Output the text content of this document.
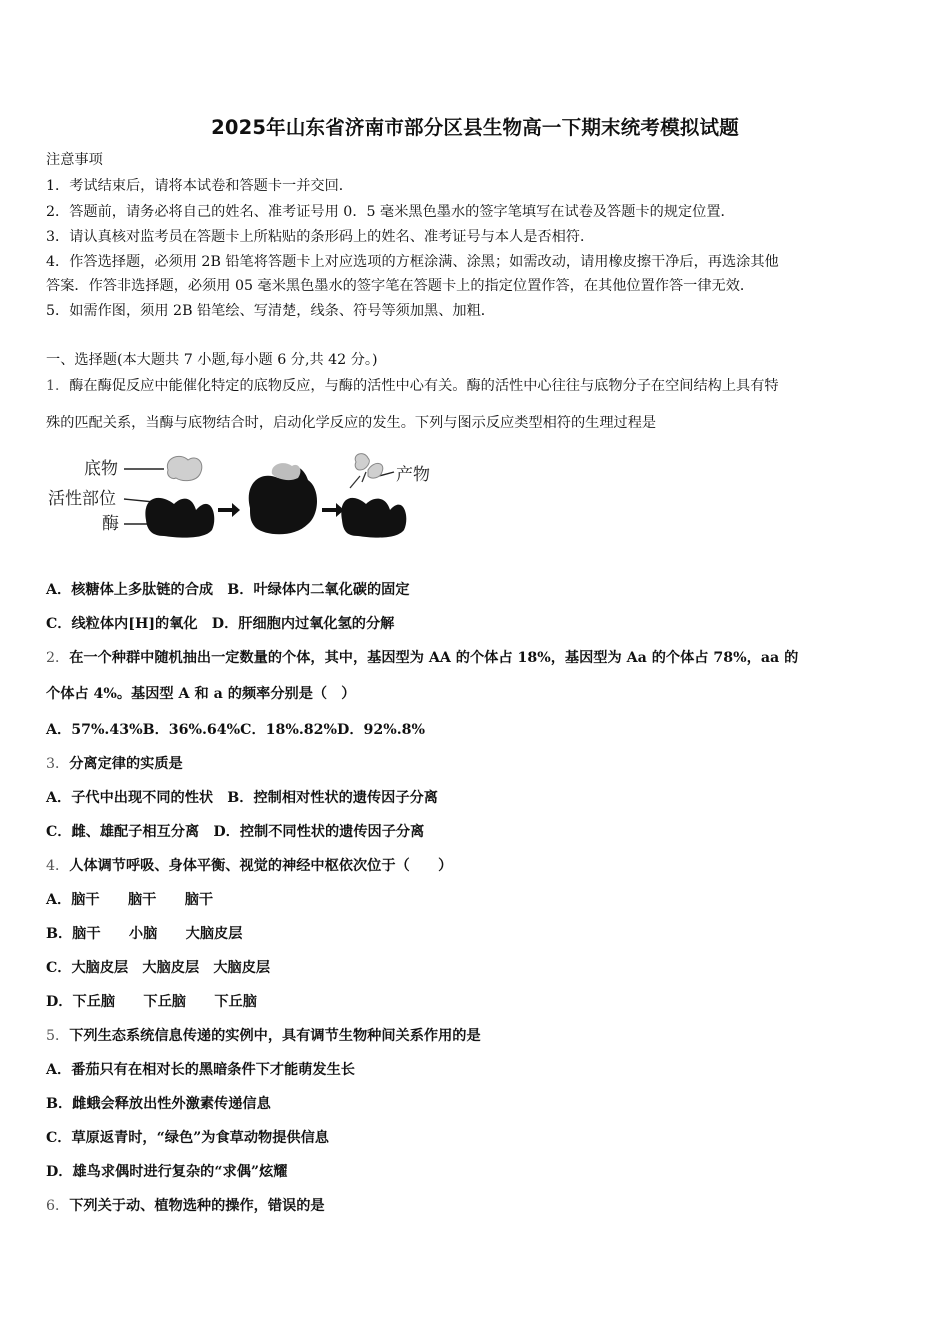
2025年山东省济南市部分区县生物高一下期末统考模拟试题
注意事项
1．考试结束后，请将本试卷和答题卡一并交回．
2．答题前，请务必将自己的姓名、准考证号用 0．5 毫米黑色墨水的签字笔填写在试卷及答题卡的规定位置．
3．请认真核对监考员在答题卡上所粘贴的条形码上的姓名、准考证号与本人是否相符．
4．作答选择题，必须用 2B 铅笔将答题卡上对应选项的方框涂满、涂黑；如需改动，请用橡皮擦干净后，再选涂其他
答案．作答非选择题，必须用 05 毫米黑色墨水的签字笔在答题卡上的指定位置作答，在其他位置作答一律无效．
5．如需作图，须用 2B 铅笔绘、写清楚，线条、符号等须加黑、加粗．
一、选择题(本大题共 7 小题,每小题 6 分,共 42 分。)
1．酶在酶促反应中能催化特定的底物反应，与酶的活性中心有关。酶的活性中心往往与底物分子在空间结构上具有特
殊的匹配关系，当酶与底物结合时，启动化学反应的发生。下列与图示反应类型相符的生理过程是
底物
活性部位
酶
产物
A．核糖体上多肽链的合成　B．叶绿体内二氧化碳的固定
C．线粒体内[H]的氧化　D．肝细胞内过氧化氢的分解
2．在一个种群中随机抽出一定数量的个体，其中，基因型为 AA 的个体占 18%，基因型为 Aa 的个体占 78%，aa 的
个体占 4%。基因型 A 和 a 的频率分别是（　）
A．57%.43%B．36%.64%C．18%.82%D．92%.8%
3．分离定律的实质是
A．子代中出现不同的性状　B．控制相对性状的遗传因子分离
C．雌、雄配子相互分离　D．控制不同性状的遗传因子分离
4．人体调节呼吸、身体平衡、视觉的神经中枢依次位于（　　）
A．脑干　　脑干　　脑干
B．脑干　　小脑　　大脑皮层
C．大脑皮层　大脑皮层　大脑皮层
D．下丘脑　　下丘脑　　下丘脑
5．下列生态系统信息传递的实例中，具有调节生物种间关系作用的是
A．番茄只有在相对长的黑暗条件下才能萌发生长
B．雌蛾会释放出性外激素传递信息
C．草原返青时，“绿色”为食草动物提供信息
D．雄鸟求偶时进行复杂的“求偶”炫耀
6．下列关于动、植物选种的操作，错误的是
